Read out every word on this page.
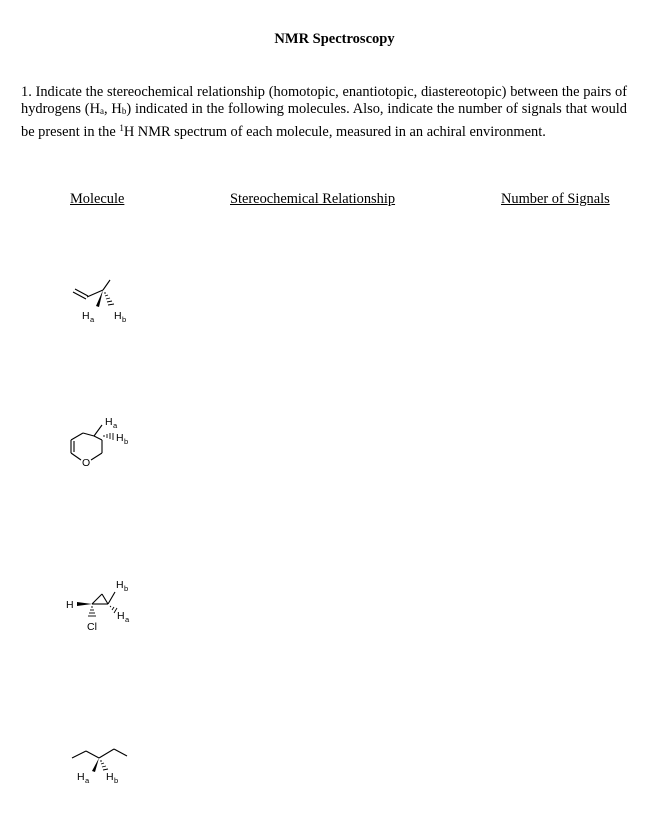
NMR Spectroscopy
1. Indicate the stereochemical relationship (homotopic, enantiotopic, diastereotopic) between the pairs of hydrogens ($H_a$, $H_b$) indicated in the following molecules. Also, indicate the number of signals that would be present in the $^1$H NMR spectrum of each molecule, measured in an achiral environment.
Molecule	Stereochemical Relationship	Number of Signals
H a H b
H a
H b
O
H
H b
H a
Cl
H a H b
